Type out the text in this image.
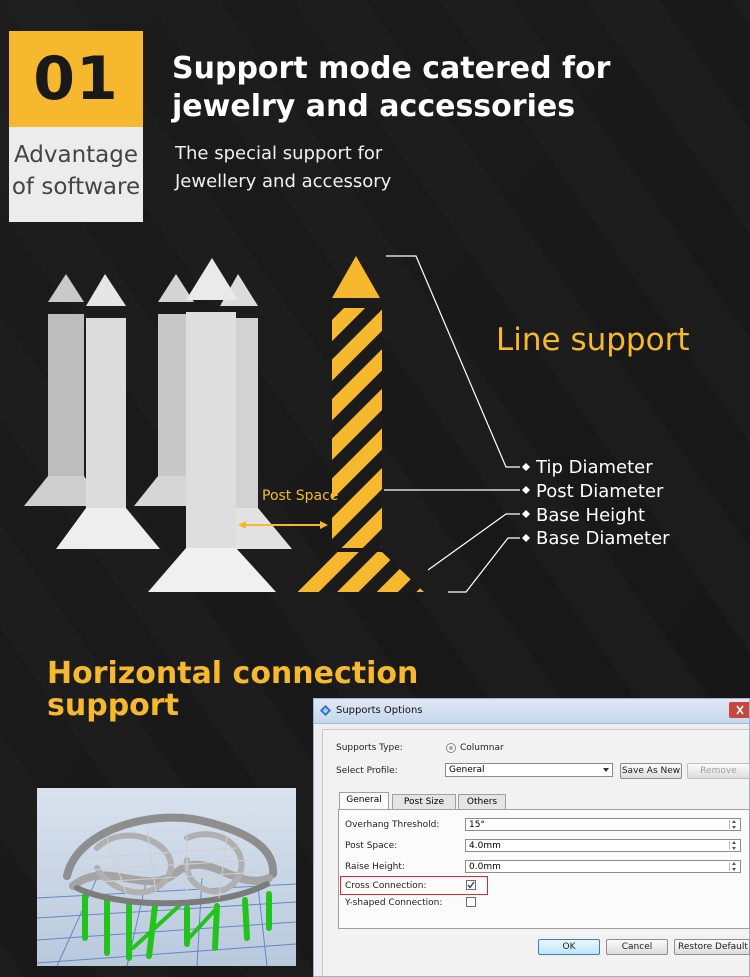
01
Advantage
of software
Support mode catered for
jewelry and accessories
The special support for
Jewellery and accessory
Line support
Post Space
Tip Diameter
Post Diameter
Base Height
Base Diameter
Horizontal connection
support	Supports Options
Supports Type:	Columnar
Select Profile:	General	Save As New	Remove
General	Post Size	Others
Overhang Threshold:	15°
Post Space:	4.0mm
Raise Height:	0.0mm
Cross Connection:
Y-shaped Connection:
OK	Cancel	Restore Default
